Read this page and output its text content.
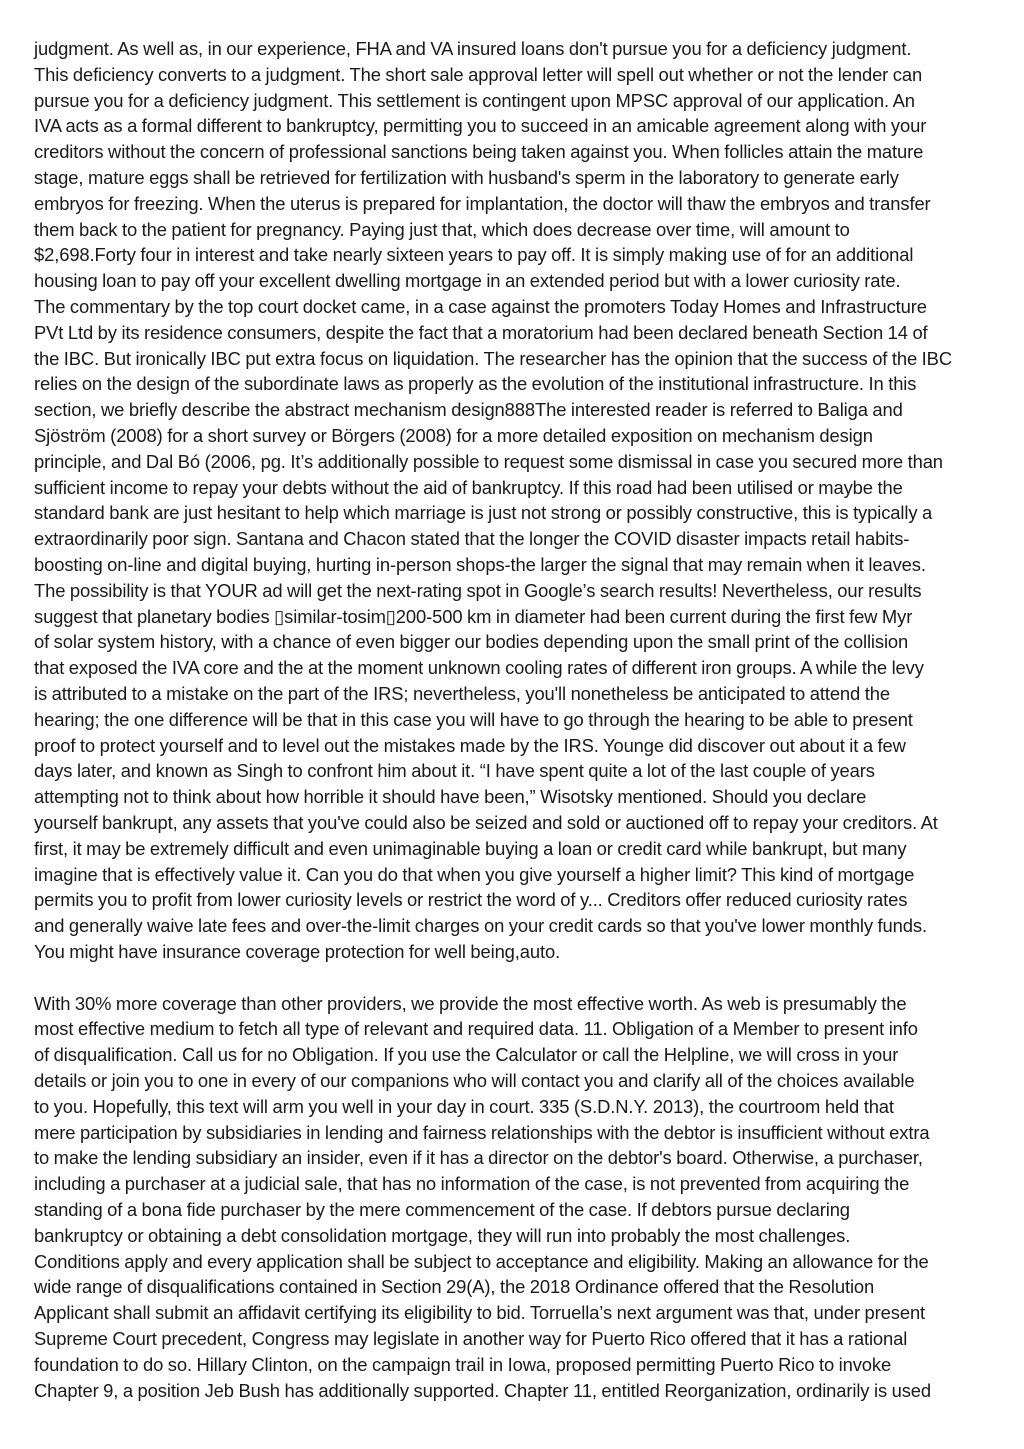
judgment. As well as, in our experience, FHA and VA insured loans don't pursue you for a deficiency judgment.
This deficiency converts to a judgment. The short sale approval letter will spell out whether or not the lender can
pursue you for a deficiency judgment. This settlement is contingent upon MPSC approval of our application. An
IVA acts as a formal different to bankruptcy, permitting you to succeed in an amicable agreement along with your
creditors without the concern of professional sanctions being taken against you. When follicles attain the mature
stage, mature eggs shall be retrieved for fertilization with husband's sperm in the laboratory to generate early
embryos for freezing. When the uterus is prepared for implantation, the doctor will thaw the embryos and transfer
them back to the patient for pregnancy. Paying just that, which does decrease over time, will amount to
$2,698.Forty four in interest and take nearly sixteen years to pay off. It is simply making use of for an additional
housing loan to pay off your excellent dwelling mortgage in an extended period but with a lower curiosity rate.
The commentary by the top court docket came, in a case against the promoters Today Homes and Infrastructure
PVt Ltd by its residence consumers, despite the fact that a moratorium had been declared beneath Section 14 of
the IBC. But ironically IBC put extra focus on liquidation. The researcher has the opinion that the success of the IBC
relies on the design of the subordinate laws as properly as the evolution of the institutional infrastructure. In this
section, we briefly describe the abstract mechanism design888The interested reader is referred to Baliga and
Sjöström (2008) for a short survey or Börgers (2008) for a more detailed exposition on mechanism design
principle, and Dal Bó (2006, pg. It’s additionally possible to request some dismissal in case you secured more than
sufficient income to repay your debts without the aid of bankruptcy. If this road had been utilised or maybe the
standard bank are just hesitant to help which marriage is just not strong or possibly constructive, this is typically a
extraordinarily poor sign. Santana and Chacon stated that the longer the COVID disaster impacts retail habits-
boosting on-line and digital buying, hurting in-person shops-the larger the signal that may remain when it leaves.
The possibility is that YOUR ad will get the next-rating spot in Google’s search results! Nevertheless, our results
suggest that planetary bodies ▯similar-tosim▯200-500 km in diameter had been current during the first few Myr
of solar system history, with a chance of even bigger our bodies depending upon the small print of the collision
that exposed the IVA core and the at the moment unknown cooling rates of different iron groups. A while the levy
is attributed to a mistake on the part of the IRS; nevertheless, you'll nonetheless be anticipated to attend the
hearing; the one difference will be that in this case you will have to go through the hearing to be able to present
proof to protect yourself and to level out the mistakes made by the IRS. Younge did discover out about it a few
days later, and known as Singh to confront him about it. “I have spent quite a lot of the last couple of years
attempting not to think about how horrible it should have been,” Wisotsky mentioned. Should you declare
yourself bankrupt, any assets that you've could also be seized and sold or auctioned off to repay your creditors. At
first, it may be extremely difficult and even unimaginable buying a loan or credit card while bankrupt, but many
imagine that is effectively value it. Can you do that when you give yourself a higher limit? This kind of mortgage
permits you to profit from lower curiosity levels or restrict the word of y... Creditors offer reduced curiosity rates
and generally waive late fees and over-the-limit charges on your credit cards so that you've lower monthly funds.
You might have insurance coverage protection for well being,auto.

With 30% more coverage than other providers, we provide the most effective worth. As web is presumably the
most effective medium to fetch all type of relevant and required data. 11. Obligation of a Member to present info
of disqualification. Call us for no Obligation. If you use the Calculator or call the Helpline, we will cross in your
details or join you to one in every of our companions who will contact you and clarify all of the choices available
to you. Hopefully, this text will arm you well in your day in court. 335 (S.D.N.Y. 2013), the courtroom held that
mere participation by subsidiaries in lending and fairness relationships with the debtor is insufficient without extra
to make the lending subsidiary an insider, even if it has a director on the debtor's board. Otherwise, a purchaser,
including a purchaser at a judicial sale, that has no information of the case, is not prevented from acquiring the
standing of a bona fide purchaser by the mere commencement of the case. If debtors pursue declaring
bankruptcy or obtaining a debt consolidation mortgage, they will run into probably the most challenges.
Conditions apply and every application shall be subject to acceptance and eligibility. Making an allowance for the
wide range of disqualifications contained in Section 29(A), the 2018 Ordinance offered that the Resolution
Applicant shall submit an affidavit certifying its eligibility to bid. Torruella’s next argument was that, under present
Supreme Court precedent, Congress may legislate in another way for Puerto Rico offered that it has a rational
foundation to do so. Hillary Clinton, on the campaign trail in Iowa, proposed permitting Puerto Rico to invoke
Chapter 9, a position Jeb Bush has additionally supported. Chapter 11, entitled Reorganization, ordinarily is used
